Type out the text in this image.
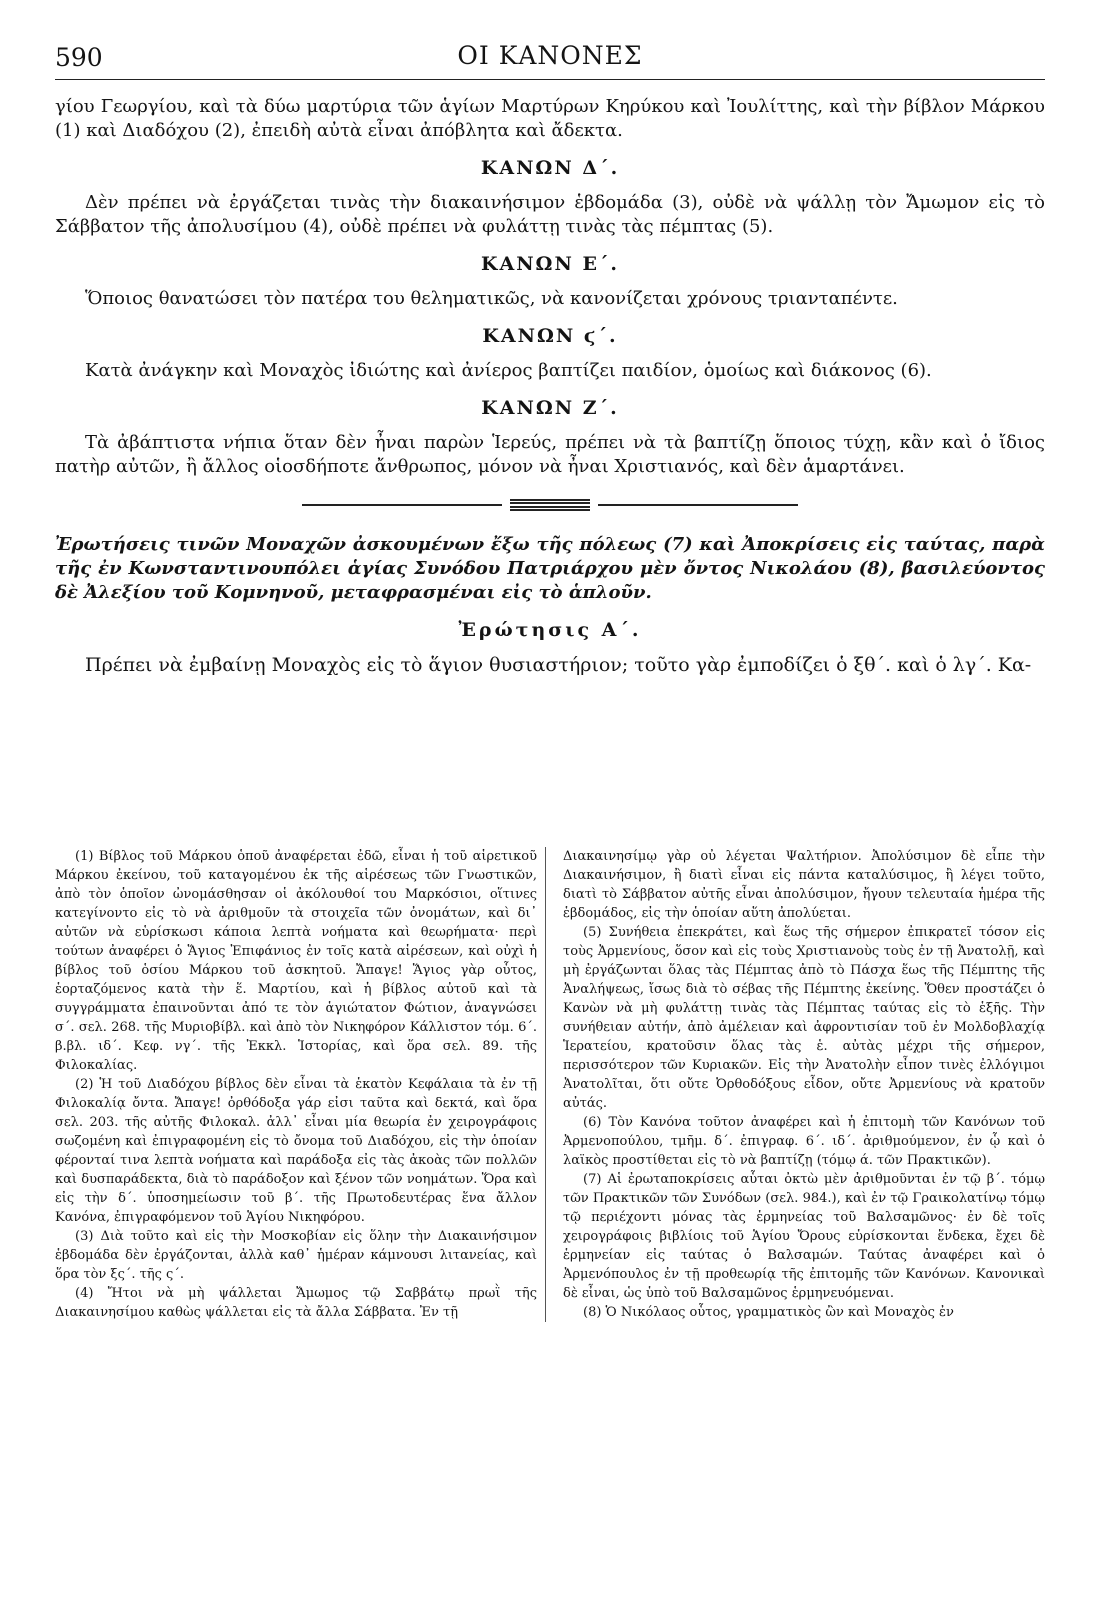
590	ΟΙ ΚΑΝΟΝΕΣ

γίου Γεωργίου, καὶ τὰ δύω μαρτύρια τῶν ἁγίων Μαρτύρων Κηρύκου καὶ Ἰουλίττης, καὶ τὴν βίβλον Μάρκου (1) καὶ Διαδόχου (2), ἐπειδὴ αὐτὰ εἶναι ἀπόβλητα καὶ ἄδεκτα.

ΚΑΝΩΝ Δ΄.

Δὲν πρέπει νὰ ἐργάζεται τινὰς τὴν διακαινήσιμον ἑβδομάδα (3), οὐδὲ νὰ ψάλλῃ τὸν Ἄμωμον εἰς τὸ Σάββατον τῆς ἀπολυσίμου (4), οὐδὲ πρέπει νὰ φυλάττῃ τινὰς τὰς πέμπτας (5).

ΚΑΝΩΝ Ε΄.

Ὅποιος θανατώσει τὸν πατέρα του θεληματικῶς, νὰ κανονίζεται χρόνους τριανταπέντε.

ΚΑΝΩΝ ϛ΄.

Κατὰ ἀνάγκην καὶ Μοναχὸς ἰδιώτης καὶ ἀνίερος βαπτίζει παιδίον, ὁμοίως καὶ διάκονος (6).

ΚΑΝΩΝ Ζ΄.

Τὰ ἀβάπτιστα νήπια ὅταν δὲν ἦναι παρὼν Ἱερεύς, πρέπει νὰ τὰ βαπτίζῃ ὅποιος τύχῃ, κἂν καὶ ὁ ἴδιος πατὴρ αὐτῶν, ἢ ἄλλος οἱοσδήποτε ἄνθρωπος, μόνον νὰ ἦναι Χριστιανός, καὶ δὲν ἁμαρτάνει.

Ἐρωτήσεις τινῶν Μοναχῶν ἀσκουμένων ἔξω τῆς πόλεως (7) καὶ Ἀποκρίσεις εἰς ταύτας, παρὰ τῆς ἐν Κωνσταντινουπόλει ἁγίας Συνόδου Πατριάρχου μὲν ὄντος Νικολάου (8), βασιλεύοντος δὲ Ἀλεξίου τοῦ Κομνηνοῦ, μεταφρασμέναι εἰς τὸ ἁπλοῦν.

Ἐρώτησις Α΄.

Πρέπει νὰ ἐμβαίνῃ Μοναχὸς εἰς τὸ ἅγιον θυσιαστήριον; τοῦτο γὰρ ἐμποδίζει ὁ ξθ΄. καὶ ὁ λγ΄. Κα-

(1) Βίβλος τοῦ Μάρκου ὁποῦ ἀναφέρεται ἐδῶ, εἶναι ἡ τοῦ αἱρετικοῦ Μάρκου ἐκείνου, τοῦ καταγομένου ἐκ τῆς αἱρέσεως τῶν Γνωστικῶν, ἀπὸ τὸν ὁποῖον ὠνομάσθησαν οἱ ἀκόλουθοί του Μαρκόσιοι, οἵτινες κατεγίνοντο εἰς τὸ νὰ ἀριθμοῦν τὰ στοιχεῖα τῶν ὀνομάτων, καὶ δι᾽ αὐτῶν νὰ εὑρίσκωσι κάποια λεπτὰ νοήματα καὶ θεωρήματα· περὶ τούτων ἀναφέρει ὁ Ἅγιος Ἐπιφάνιος ἐν τοῖς κατὰ αἱρέσεων, καὶ οὐχὶ ἡ βίβλος τοῦ ὁσίου Μάρκου τοῦ ἀσκητοῦ. Ἄπαγε! Ἅγιος γὰρ οὗτος, ἑορταζόμενος κατὰ τὴν ἕ. Μαρτίου, καὶ ἡ βίβλος αὐτοῦ καὶ τὰ συγγράμματα ἐπαινοῦνται ἀπό τε τὸν ἁγιώτατον Φώτιον, ἀναγνώσει σ΄. σελ. 268. τῆς Μυριοβίβλ. καὶ ἀπὸ τὸν Νικηφόρον Κάλλιστον τόμ. 6΄. β.βλ. ιδ΄. Κεφ. νγ΄. τῆς Ἐκκλ. Ἱστορίας, καὶ ὅρα σελ. 89. τῆς Φιλοκαλίας.

(2) Ἡ τοῦ Διαδόχου βίβλος δὲν εἶναι τὰ ἑκατὸν Κεφάλαια τὰ ἐν τῇ Φιλοκαλίᾳ ὄντα. Ἄπαγε! ὀρθόδοξα γάρ εἰσι ταῦτα καὶ δεκτά, καὶ ὅρα σελ. 203. τῆς αὐτῆς Φιλοκαλ. ἀλλ᾽ εἶναι μία θεωρία ἐν χειρογράφοις σωζομένη καὶ ἐπιγραφομένη εἰς τὸ ὄνομα τοῦ Διαδόχου, εἰς τὴν ὁποίαν φέρονταί τινα λεπτὰ νοήματα καὶ παράδοξα εἰς τὰς ἀκοὰς τῶν πολλῶν καὶ δυσπαράδεκτα, διὰ τὸ παράδοξον καὶ ξένον τῶν νοημάτων. Ὅρα καὶ εἰς τὴν δ΄. ὑποσημείωσιν τοῦ β΄. τῆς Πρωτοδευτέρας ἕνα ἄλλον Κανόνα, ἐπιγραφόμενον τοῦ Ἁγίου Νικηφόρου.

(3) Διὰ τοῦτο καὶ εἰς τὴν Μοσκοβίαν εἰς ὅλην τὴν Διακαινήσιμον ἑβδομάδα δὲν ἐργάζονται, ἀλλὰ καθ᾽ ἡμέραν κάμνουσι λιτανείας, καὶ ὅρα τὸν ξς΄. τῆς ς΄.

(4) Ἤτοι νὰ μὴ ψάλλεται Ἄμωμος τῷ Σαββάτῳ πρωῒ τῆς Διακαινησίμου καθὼς ψάλλεται εἰς τὰ ἄλλα Σάββατα. Ἐν τῇ

Διακαινησίμῳ γὰρ οὐ λέγεται Ψαλτήριον. Ἀπολύσιμον δὲ εἶπε τὴν Διακαινήσιμον, ἢ διατὶ εἶναι εἰς πάντα καταλύσιμος, ἢ λέγει τοῦτο, διατὶ τὸ Σάββατον αὐτῆς εἶναι ἀπολύσιμον, ἤγουν τελευταία ἡμέρα τῆς ἑβδομάδος, εἰς τὴν ὁποίαν αὕτη ἀπολύεται.

(5) Συνήθεια ἐπεκράτει, καὶ ἕως τῆς σήμερον ἐπικρατεῖ τόσον εἰς τοὺς Ἀρμενίους, ὅσον καὶ εἰς τοὺς Χριστιανοὺς τοὺς ἐν τῇ Ἀνατολῇ, καὶ μὴ ἐργάζωνται ὅλας τὰς Πέμπτας ἀπὸ τὸ Πάσχα ἕως τῆς Πέμπτης τῆς Ἀναλήψεως, ἴσως διὰ τὸ σέβας τῆς Πέμπτης ἐκείνης. Ὅθεν προστάζει ὁ Κανὼν νὰ μὴ φυλάττῃ τινὰς τὰς Πέμπτας ταύτας εἰς τὸ ἑξῆς. Τὴν συνήθειαν αὐτήν, ἀπὸ ἀμέλειαν καὶ ἀφροντισίαν τοῦ ἐν Μολδοβλαχίᾳ Ἱερατείου, κρατοῦσιν ὅλας τὰς ἑ. αὐτὰς μέχρι τῆς σήμερον, περισσότερον τῶν Κυριακῶν. Εἰς τὴν Ἀνατολὴν εἶπον τινὲς ἐλλόγιμοι Ἀνατολῖται, ὅτι οὔτε Ὀρθοδόξους εἶδον, οὔτε Ἀρμενίους νὰ κρατοῦν αὐτάς.

(6) Τὸν Κανόνα τοῦτον ἀναφέρει καὶ ἡ ἐπιτομὴ τῶν Κανόνων τοῦ Ἀρμενοπούλου, τμῆμ. δ΄. ἐπιγραφ. 6΄. ιδ΄. ἀριθμούμενον, ἐν ᾧ καὶ ὁ λαϊκὸς προστίθεται εἰς τὸ νὰ βαπτίζῃ (τόμῳ ά. τῶν Πρακτικῶν).

(7) Αἱ ἐρωταποκρίσεις αὗται ὀκτὼ μὲν ἀριθμοῦνται ἐν τῷ β΄. τόμῳ τῶν Πρακτικῶν τῶν Συνόδων (σελ. 984.), καὶ ἐν τῷ Γραικολατίνῳ τόμῳ τῷ περιέχοντι μόνας τὰς ἑρμηνείας τοῦ Βαλσαμῶνος· ἐν δὲ τοῖς χειρογράφοις βιβλίοις τοῦ Ἁγίου Ὄρους εὑρίσκονται ἕνδεκα, ἔχει δὲ ἑρμηνείαν εἰς ταύτας ὁ Βαλσαμών. Ταύτας ἀναφέρει καὶ ὁ Ἀρμενόπουλος ἐν τῇ προθεωρίᾳ τῆς ἐπιτομῆς τῶν Κανόνων. Κανονικαὶ δὲ εἶναι, ὡς ὑπὸ τοῦ Βαλσαμῶνος ἑρμηνευόμεναι.

(8) Ὁ Νικόλαος οὗτος, γραμματικὸς ὢν καὶ Μοναχὸς ἐν
